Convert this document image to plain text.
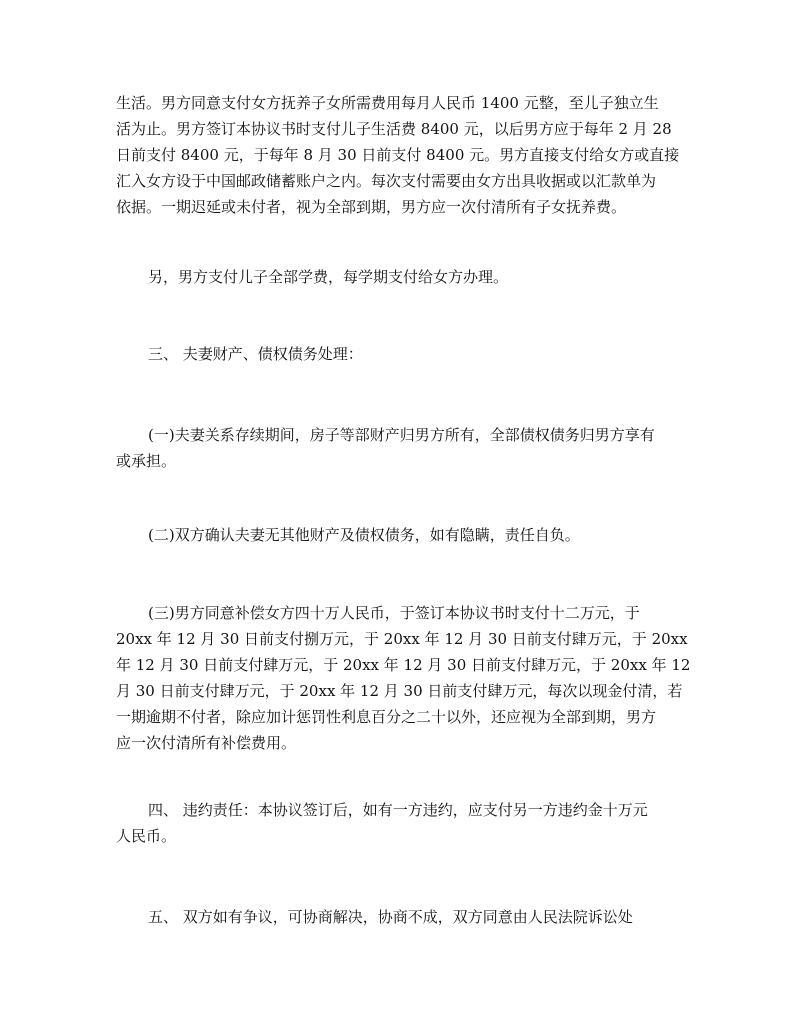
生活。男方同意支付女方抚养子女所需费用每月人民币 1400 元整，至儿子独立生
活为止。男方签订本协议书时支付儿子生活费 8400 元，以后男方应于每年 2 月 28
日前支付 8400 元，于每年 8 月 30 日前支付 8400 元。男方直接支付给女方或直接
汇入女方设于中国邮政储蓄账户之内。每次支付需要由女方出具收据或以汇款单为
依据。一期迟延或未付者，视为全部到期，男方应一次付清所有子女抚养费。

另，男方支付儿子全部学费，每学期支付给女方办理。

三、 夫妻财产、债权债务处理：

(一)夫妻关系存续期间，房子等部财产归男方所有，全部债权债务归男方享有
或承担。

(二)双方确认夫妻无其他财产及债权债务，如有隐瞒，责任自负。

(三)男方同意补偿女方四十万人民币，于签订本协议书时支付十二万元，于
20xx 年 12 月 30 日前支付捌万元，于 20xx 年 12 月 30 日前支付肆万元，于 20xx
年 12 月 30 日前支付肆万元，于 20xx 年 12 月 30 日前支付肆万元，于 20xx 年 12
月 30 日前支付肆万元，于 20xx 年 12 月 30 日前支付肆万元，每次以现金付清，若
一期逾期不付者，除应加计惩罚性利息百分之二十以外，还应视为全部到期，男方
应一次付清所有补偿费用。

四、 违约责任：本协议签订后，如有一方违约，应支付另一方违约金十万元
人民币。

五、 双方如有争议，可协商解决，协商不成，双方同意由人民法院诉讼处
